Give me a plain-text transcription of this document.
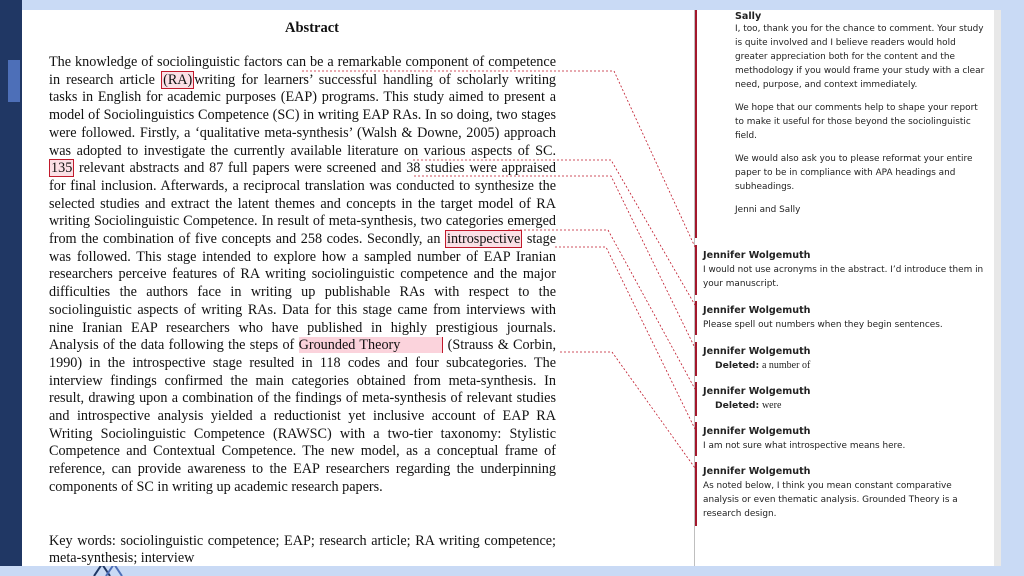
Abstract
The knowledge of sociolinguistic factors can be a remarkable component of competence in research article (RA) writing for learners’ successful handling of scholarly writing tasks in English for academic purposes (EAP) programs. This study aimed to present a model of Sociolinguistics Competence (SC) in writing EAP RAs. In so doing, two stages were followed. Firstly, a ‘qualitative meta-synthesis’ (Walsh & Downe, 2005) approach was adopted to investigate the currently available literature on various aspects of SC. 135 relevant abstracts and 87 full papers were screened and 38 studies were appraised for final inclusion. Afterwards, a reciprocal translation was conducted to synthesize the selected studies and extract the latent themes and concepts in the target model of RA writing Sociolinguistic Competence. In result of meta-synthesis, two categories emerged from the combination of five concepts and 258 codes. Secondly, an introspective stage was followed. This stage intended to explore how a sampled number of EAP Iranian researchers perceive features of RA writing sociolinguistic competence and the major difficulties the authors face in writing up publishable RAs with respect to the sociolinguistic aspects of writing RAs. Data for this stage came from interviews with nine Iranian EAP researchers who have published in highly prestigious journals. Analysis of the data following the steps of Grounded Theory	(Strauss & Corbin, 1990) in the introspective stage resulted in 118 codes and four subcategories. The interview findings confirmed the main categories obtained from meta-synthesis. In result, drawing upon a combination of the findings of meta-synthesis of relevant studies and introspective analysis yielded a reductionist yet inclusive account of EAP RA Writing Sociolinguistic Competence (RAWSC) with a two-tier taxonomy: Stylistic Competence and Contextual Competence. The new model, as a conceptual frame of reference, can provide awareness to the EAP researchers regarding the underpinning components of SC in writing up academic research papers.
Key words: sociolinguistic competence; EAP; research article; RA writing competence; meta-synthesis; interview
Sally

I, too, thank you for the chance to comment. Your study is quite involved and I believe readers would hold greater appreciation both for the content and the methodology if you would frame your study with a clear need, purpose, and context immediately.

We hope that our comments help to shape your report to make it useful for those beyond the sociolinguistic field.

We would also ask you to please reformat your entire paper to be in compliance with APA headings and subheadings.

Jenni and Sally

Jennifer Wolgemuth
I would not use acronyms in the abstract. I’d introduce them in your manuscript.
Jennifer Wolgemuth
Please spell out numbers when they begin sentences.
Jennifer Wolgemuth
Deleted: a number of
Jennifer Wolgemuth
Deleted: were
Jennifer Wolgemuth
I am not sure what introspective means here.
Jennifer Wolgemuth
As noted below, I think you mean constant comparative analysis or even thematic analysis. Grounded Theory is a research design.
